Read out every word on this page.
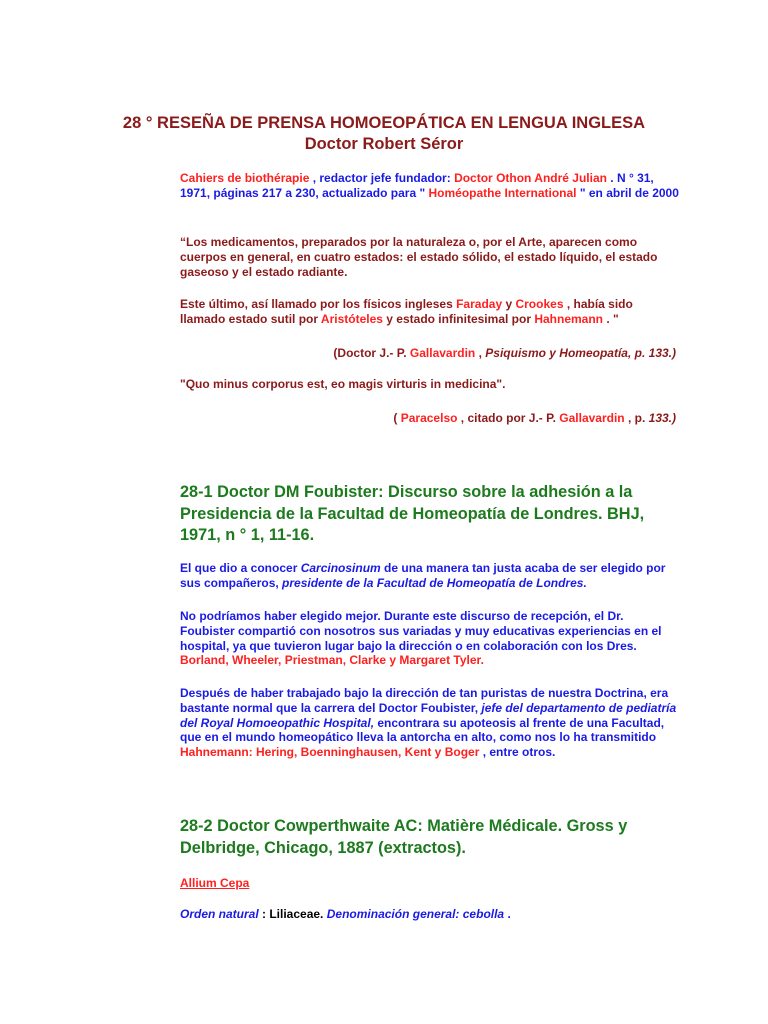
28 ° RESEÑA DE PRENSA HOMOEOPÁTICA EN LENGUA INGLESA
Doctor Robert Séror
Cahiers de biothérapie , redactor jefe fundador: Doctor Othon André Julian . N ° 31, 1971, páginas 217 a 230, actualizado para " Homéopathe International " en abril de 2000
“Los medicamentos, preparados por la naturaleza o, por el Arte, aparecen como cuerpos en general, en cuatro estados: el estado sólido, el estado líquido, el estado gaseoso y el estado radiante.
Este último, así llamado por los físicos ingleses Faraday y Crookes , había sido llamado estado sutil por Aristóteles y estado infinitesimal por Hahnemann . "
(Doctor J.- P. Gallavardin , Psiquismo y Homeopatía, p. 133.)
"Quo minus corporus est, eo magis virturis in medicina".
( Paracelso , citado por J.- P. Gallavardin , p. 133.)
28-1 Doctor DM Foubister: Discurso sobre la adhesión a la Presidencia de la Facultad de Homeopatía de Londres. BHJ, 1971, n ° 1, 11-16.
El que dio a conocer Carcinosinum de una manera tan justa acaba de ser elegido por sus compañeros, presidente de la Facultad de Homeopatía de Londres.
No podríamos haber elegido mejor. Durante este discurso de recepción, el Dr. Foubister compartió con nosotros sus variadas y muy educativas experiencias en el hospital, ya que tuvieron lugar bajo la dirección o en colaboración con los Dres. Borland, Wheeler, Priestman, Clarke y Margaret Tyler.
Después de haber trabajado bajo la dirección de tan puristas de nuestra Doctrina, era bastante normal que la carrera del Doctor Foubister, jefe del departamento de pediatría del Royal Homoeopathic Hospital, encontrara su apoteosis al frente de una Facultad, que en el mundo homeopático lleva la antorcha en alto, como nos lo ha transmitido Hahnemann: Hering, Boenninghausen, Kent y Boger , entre otros.
28-2 Doctor Cowperthwaite AC: Matière Médicale. Gross y Delbridge, Chicago, 1887 (extractos).
Allium Cepa
Orden natural : Liliaceae. Denominación general: cebolla .
